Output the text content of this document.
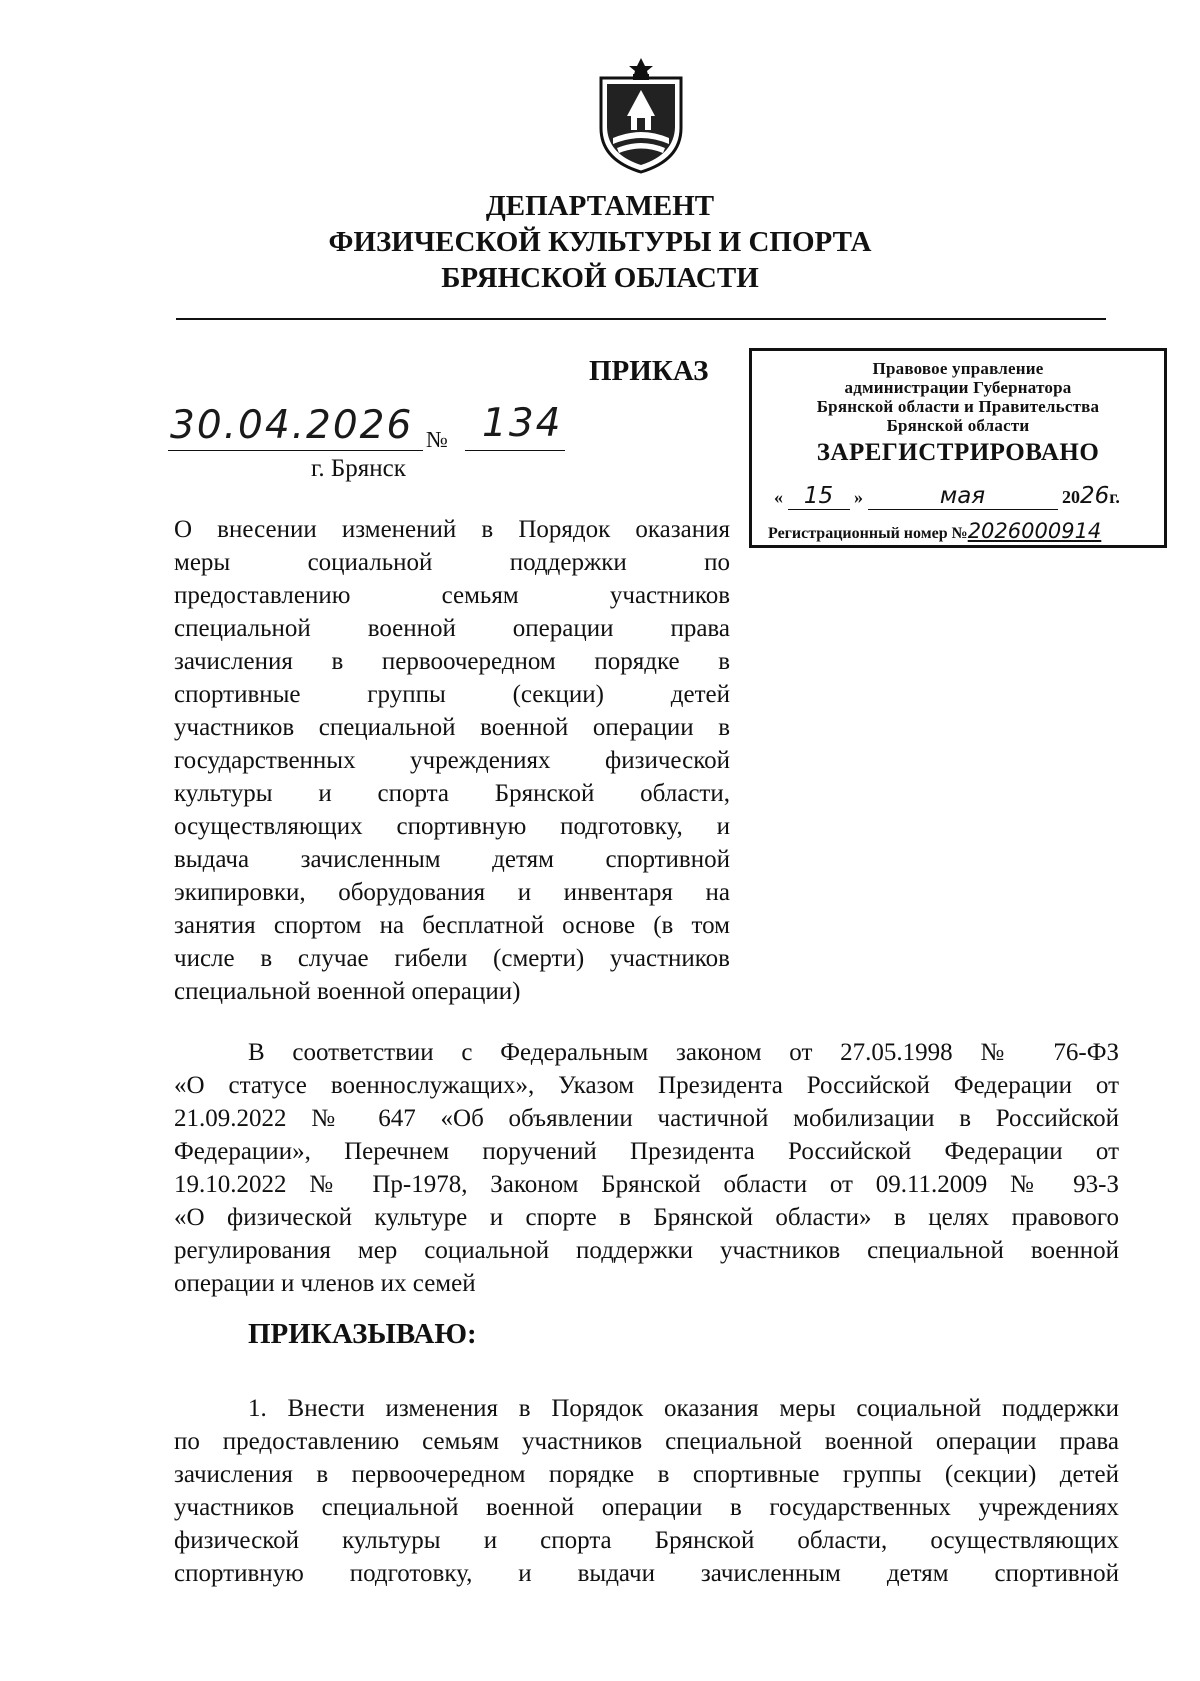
ДЕПАРТАМЕНТ
ФИЗИЧЕСКОЙ КУЛЬТУРЫ И СПОРТА
БРЯНСКОЙ ОБЛАСТИ
ПРИКАЗ
30.04.2026 № 134
г. Брянск
Правовое управление
администрации Губернатора
Брянской области и Правительства
Брянской области
ЗАРЕГИСТРИРОВАНО
« 15 »	мая	2026г.
Регистрационный номер №2026000914
О внесении изменений в Порядок оказания
меры социальной поддержки по
предоставлению семьям участников
специальной военной операции права
зачисления в первоочередном порядке в
спортивные группы (секции) детей
участников специальной военной операции в
государственных учреждениях физической
культуры и спорта Брянской области,
осуществляющих спортивную подготовку, и
выдача зачисленным детям спортивной
экипировки, оборудования и инвентаря на
занятия спортом на бесплатной основе (в том
числе в случае гибели (смерти) участников
специальной военной операции)
В соответствии с Федеральным законом от 27.05.1998 № 76-ФЗ
«О статусе военнослужащих», Указом Президента Российской Федерации от
21.09.2022 № 647 «Об объявлении частичной мобилизации в Российской
Федерации», Перечнем поручений Президента Российской Федерации от
19.10.2022 № Пр-1978, Законом Брянской области от 09.11.2009 № 93-З
«О физической культуре и спорте в Брянской области» в целях правового
регулирования мер социальной поддержки участников специальной военной
операции и членов их семей
ПРИКАЗЫВАЮ:
1. Внести изменения в Порядок оказания меры социальной поддержки
по предоставлению семьям участников специальной военной операции права
зачисления в первоочередном порядке в спортивные группы (секции) детей
участников специальной военной операции в государственных учреждениях
физической культуры и спорта Брянской области, осуществляющих
спортивную подготовку, и выдачи зачисленным детям спортивной
